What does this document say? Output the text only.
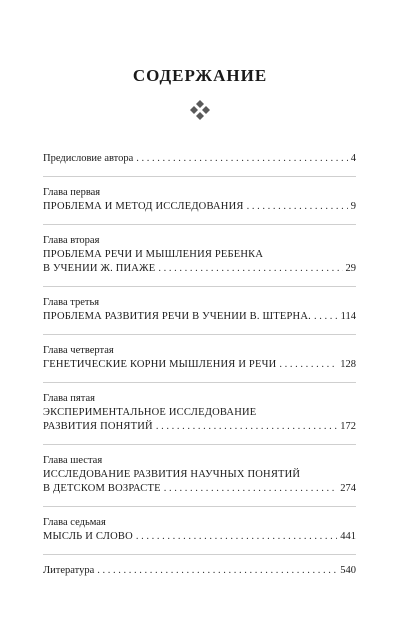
СОДЕРЖАНИЕ
Предисловие автора . . .	4
Глава первая
ПРОБЛЕМА И МЕТОД ИССЛЕДОВАНИЯ . . .	9
Глава вторая
ПРОБЛЕМА РЕЧИ И МЫШЛЕНИЯ РЕБЕНКА
В УЧЕНИИ Ж. ПИАЖЕ . . .	29
Глава третья
ПРОБЛЕМА РАЗВИТИЯ РЕЧИ В УЧЕНИИ В. ШТЕРНА. . . .	114
Глава четвертая
ГЕНЕТИЧЕСКИЕ КОРНИ МЫШЛЕНИЯ И РЕЧИ . . .	128
Глава пятая
ЭКСПЕРИМЕНТАЛЬНОЕ ИССЛЕДОВАНИЕ
РАЗВИТИЯ ПОНЯТИЙ . . .	172
Глава шестая
ИССЛЕДОВАНИЕ РАЗВИТИЯ НАУЧНЫХ ПОНЯТИЙ
В ДЕТСКОМ ВОЗРАСТЕ . . .	274
Глава седьмая
МЫСЛЬ И СЛОВО . . .	441
Литература . . .	540
